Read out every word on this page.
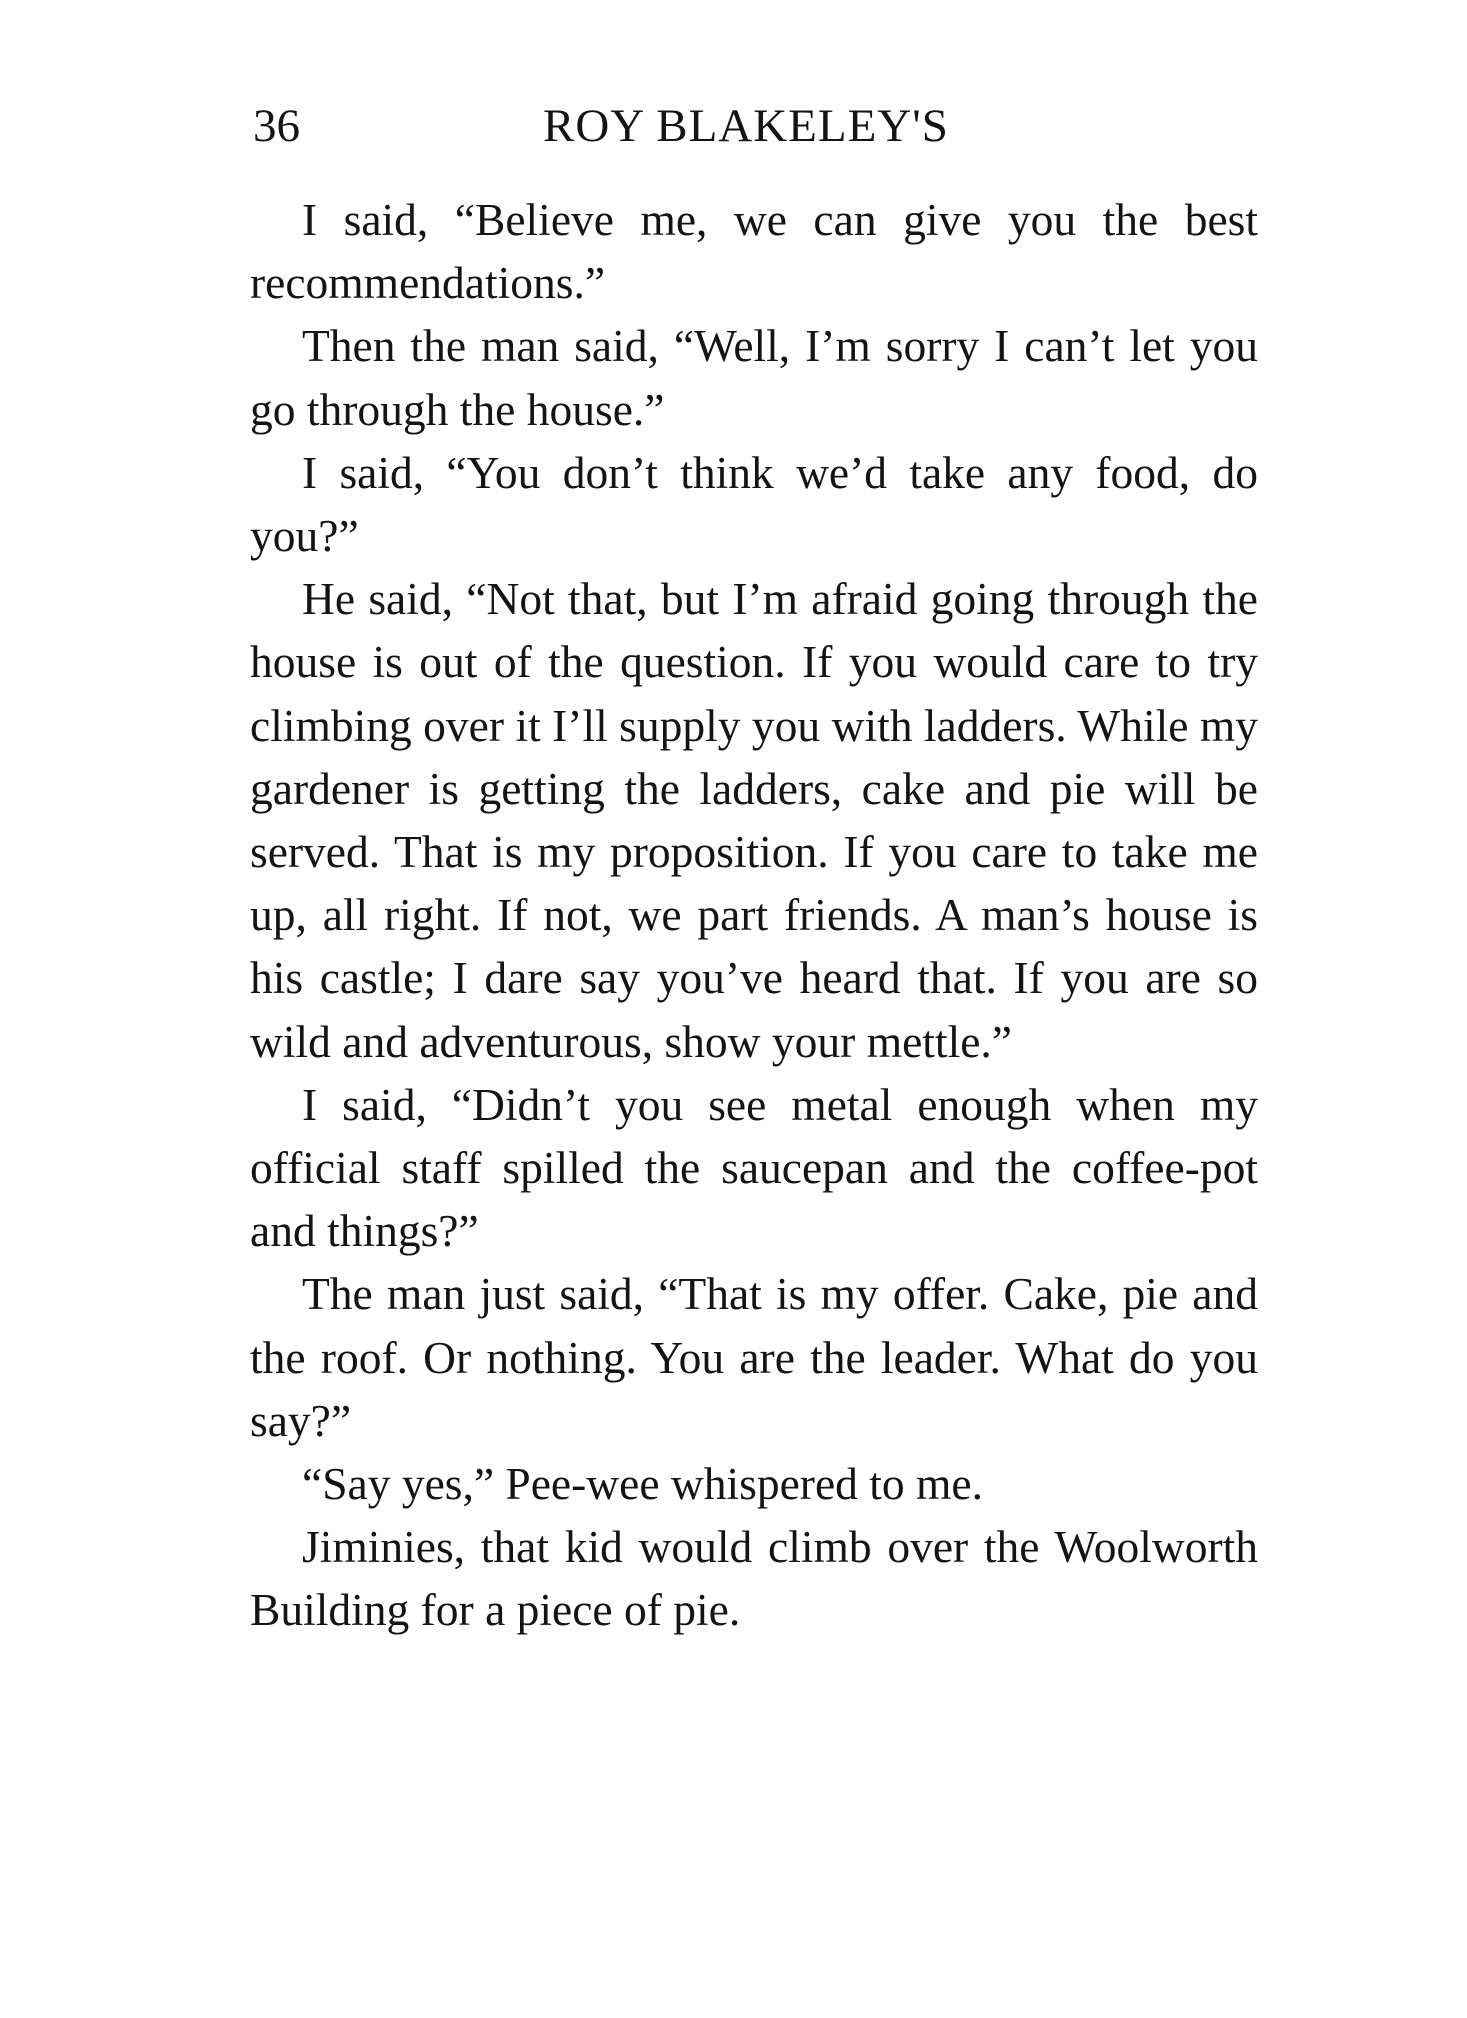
36	ROY BLAKELEY'S

I said, “Believe me, we can give you the best recommendations.”

Then the man said, “Well, I’m sorry I can’t let you go through the house.”

I said, “You don’t think we’d take any food, do you?”

He said, “Not that, but I’m afraid going through the house is out of the question. If you would care to try climbing over it I’ll supply you with ladders. While my gardener is getting the ladders, cake and pie will be served. That is my proposition. If you care to take me up, all right. If not, we part friends. A man’s house is his castle; I dare say you’ve heard that. If you are so wild and adventurous, show your mettle.”

I said, “Didn’t you see metal enough when my official staff spilled the saucepan and the coffee-pot and things?”

The man just said, “That is my offer. Cake, pie and the roof. Or nothing. You are the leader. What do you say?”

“Say yes,” Pee-wee whispered to me.

Jiminies, that kid would climb over the Woolworth Building for a piece of pie.
